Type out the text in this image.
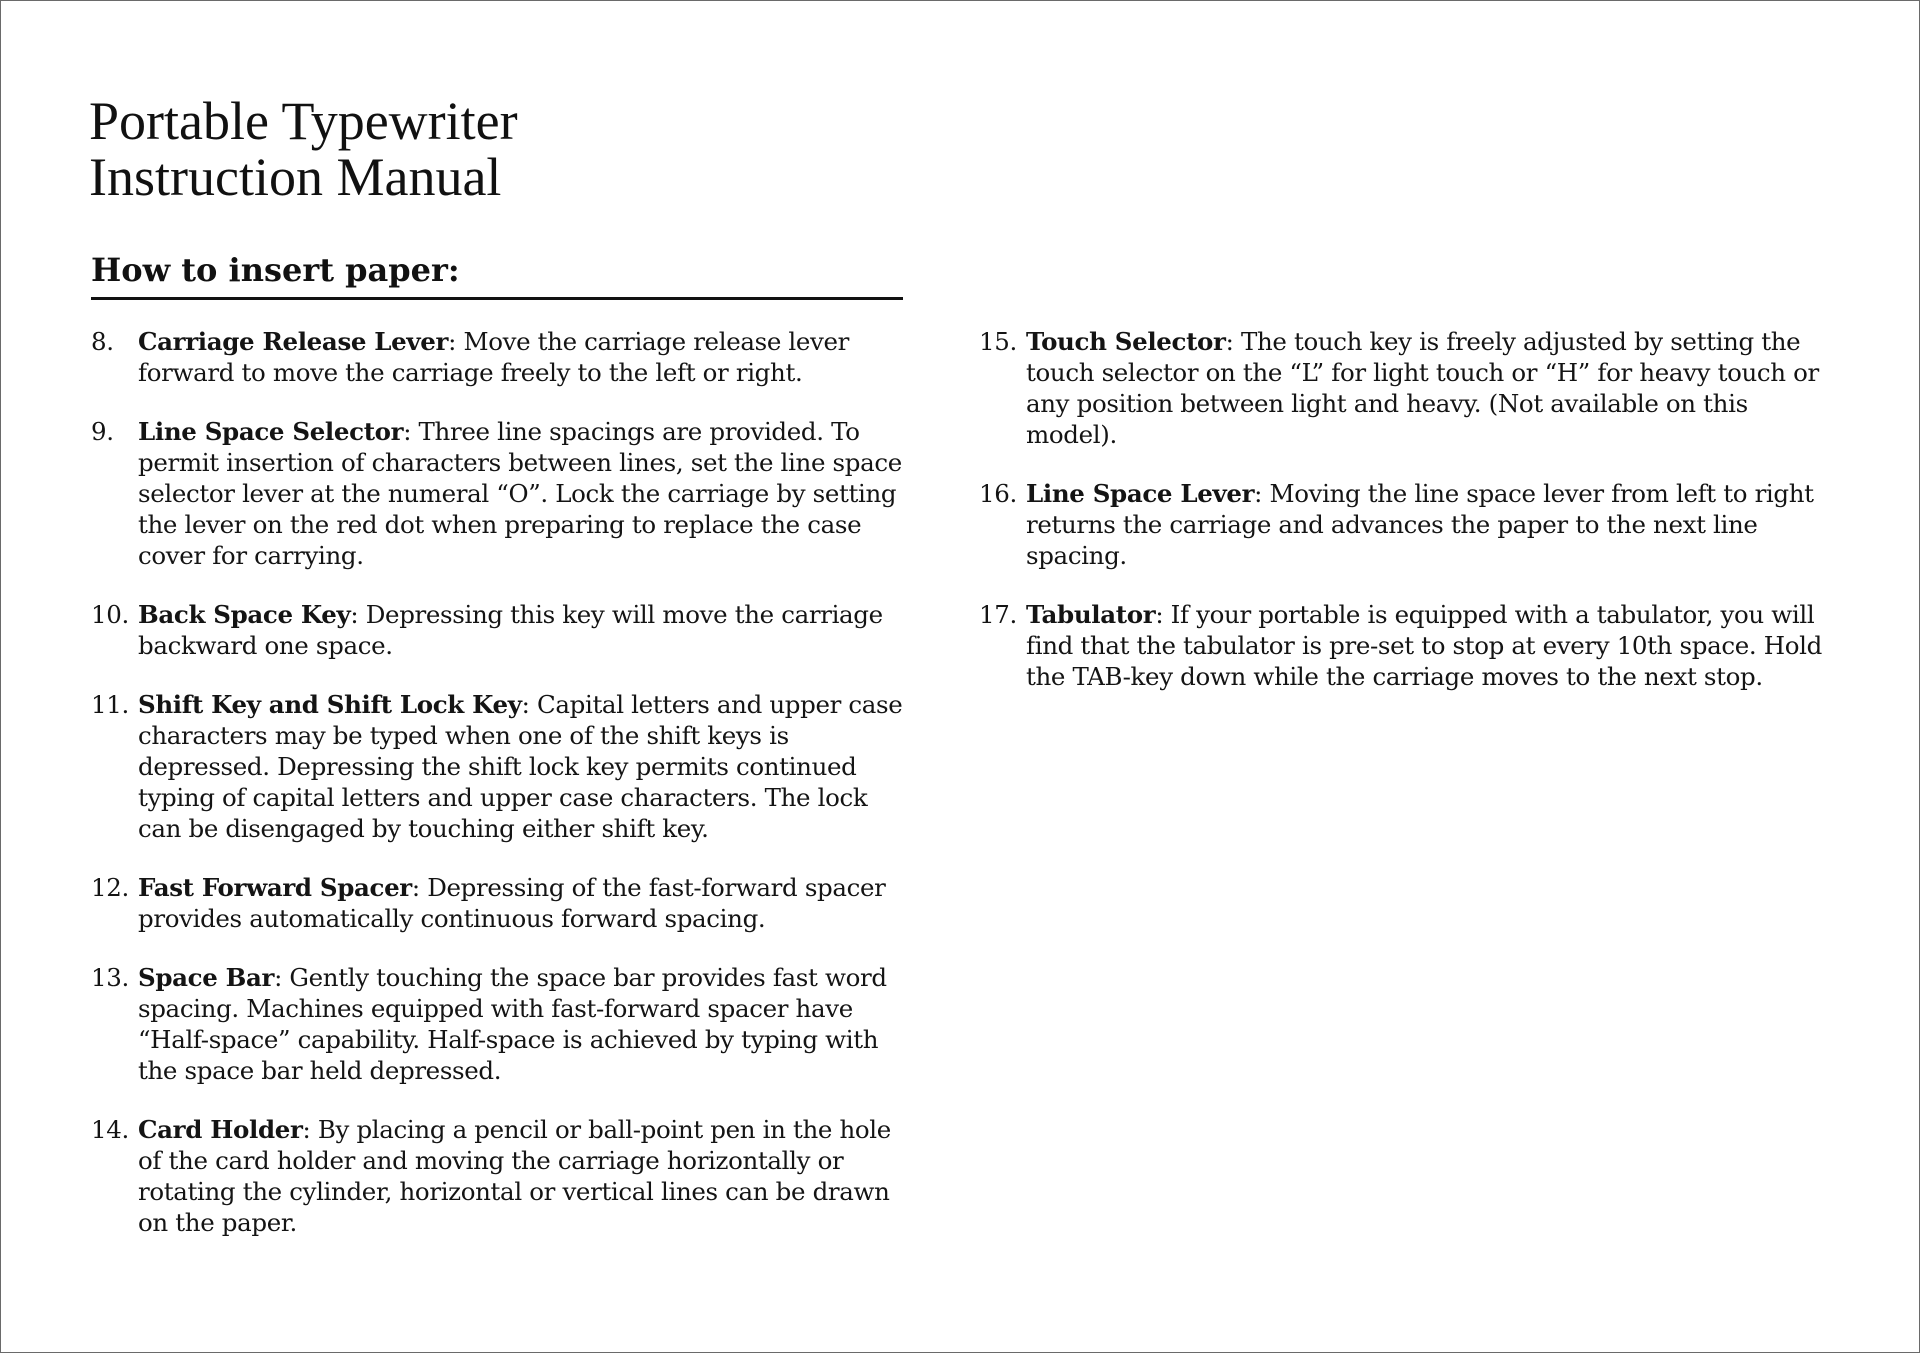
Portable Typewriter
Instruction Manual
How to insert paper:
8. Carriage Release Lever: Move the carriage release lever forward to move the carriage freely to the left or right.
9. Line Space Selector: Three line spacings are provided. To permit insertion of characters between lines, set the line space selector lever at the numeral “O”. Lock the carriage by setting the lever on the red dot when preparing to replace the case cover for carrying.
10. Back Space Key: Depressing this key will move the carriage backward one space.
11. Shift Key and Shift Lock Key: Capital letters and upper case characters may be typed when one of the shift keys is depressed. Depressing the shift lock key permits continued typing of capital letters and upper case characters. The lock can be disengaged by touching either shift key.
12. Fast Forward Spacer: Depressing of the fast-forward spacer provides automatically continuous forward spacing.
13. Space Bar: Gently touching the space bar provides fast word spacing. Machines equipped with fast-forward spacer have “Half-space” capability. Half-space is achieved by typing with the space bar held depressed.
14. Card Holder: By placing a pencil or ball-point pen in the hole of the card holder and moving the carriage horizontally or rotating the cylinder, horizontal or vertical lines can be drawn on the paper.
15. Touch Selector: The touch key is freely adjusted by setting the touch selector on the “L” for light touch or “H” for heavy touch or any position between light and heavy. (Not available on this model).
16. Line Space Lever: Moving the line space lever from left to right returns the carriage and advances the paper to the next line spacing.
17. Tabulator: If your portable is equipped with a tabulator, you will find that the tabulator is pre-set to stop at every 10th space. Hold the TAB-key down while the carriage moves to the next stop.
